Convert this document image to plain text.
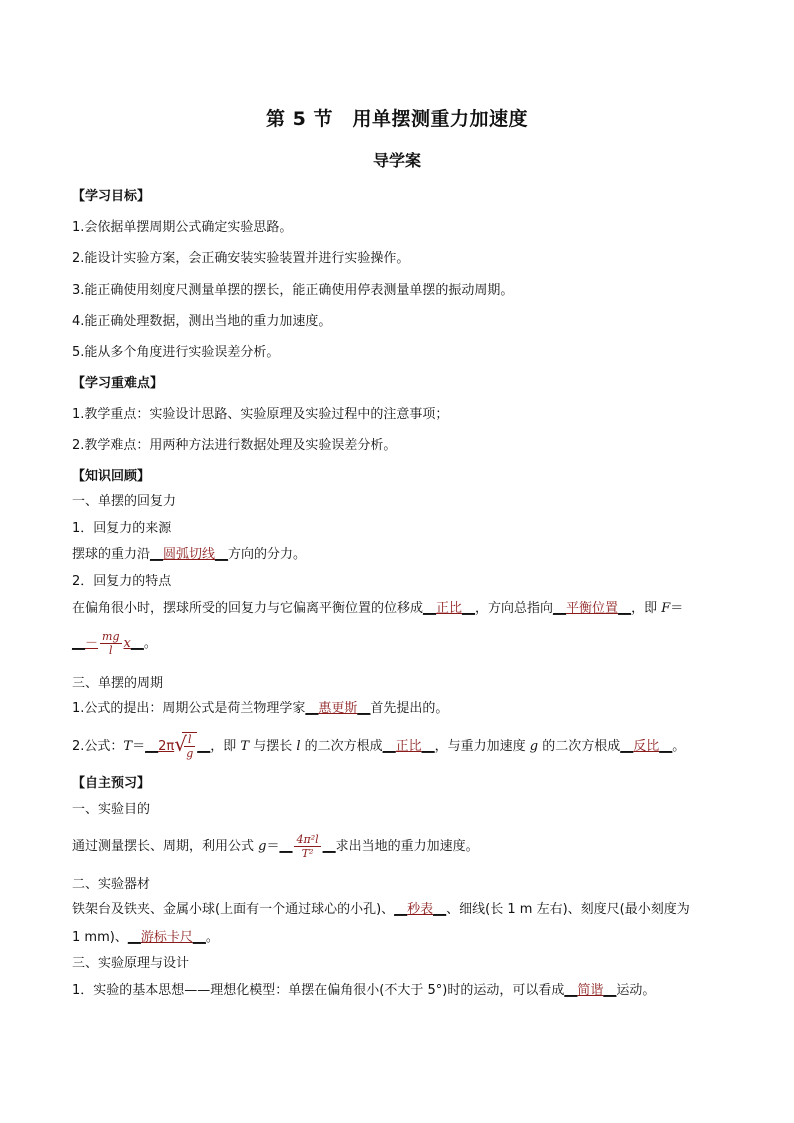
第 5 节　用单摆测重力加速度
导学案
【学习目标】
1.会依据单摆周期公式确定实验思路。
2.能设计实验方案，会正确安装实验装置并进行实验操作。
3.能正确使用刻度尺测量单摆的摆长，能正确使用停表测量单摆的振动周期。
4.能正确处理数据，测出当地的重力加速度。
5.能从多个角度进行实验误差分析。
【学习重难点】
1.教学重点：实验设计思路、实验原理及实验过程中的注意事项；
2.教学难点：用两种方法进行数据处理及实验误差分析。
【知识回顾】
一、单摆的回复力
1．回复力的来源
摆球的重力沿__圆弧切线__方向的分力。
2．回复力的特点
在偏角很小时，摆球所受的回复力与它偏离平衡位置的位移成__正比__，方向总指向__平衡位置__，即 F＝
__－ $\frac{mg}{l}$ x__。
三、单摆的周期
1.公式的提出：周期公式是荷兰物理学家__惠更斯__首先提出的。
2.公式：T＝__2π √
$\frac{l}{g}$ __，即 T 与摆长 l 的二次方根成__正比__，与重力加速度 g 的二次方根成__反比__。
【自主预习】
一、实验目的
通过测量摆长、周期，利用公式 g＝__ $\frac{\text{4π²l}}{\text{T²}}$ __求出当地的重力加速度。
二、实验器材
铁架台及铁夹、金属小球(上面有一个通过球心的小孔)、__秒表__、细线(长 1 m 左右)、刻度尺(最小刻度为
1 mm)、__游标卡尺__。
三、实验原理与设计
1．实验的基本思想——理想化模型：单摆在偏角很小(不大于 5°)时的运动，可以看成__简谐__运动。
